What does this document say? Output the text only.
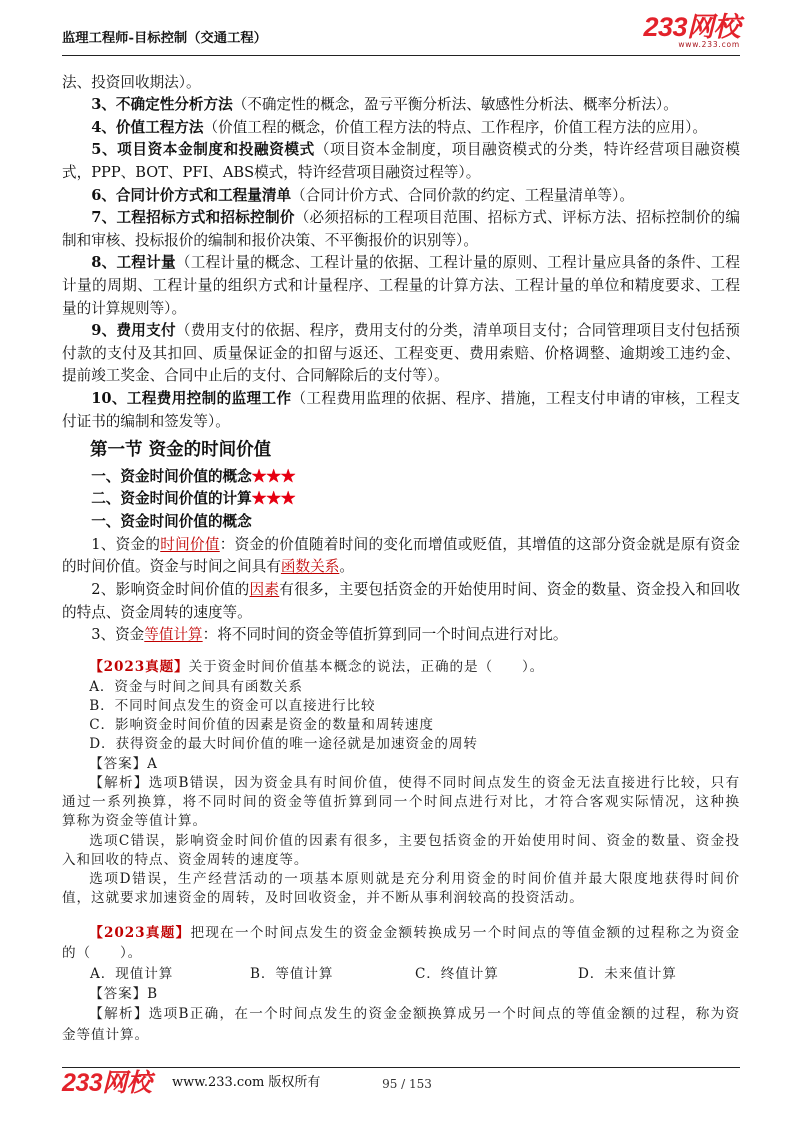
监理工程师-目标控制（交通工程）	233网校
www.233.com
法、投资回收期法）。
3、不确定性分析方法（不确定性的概念，盈亏平衡分析法、敏感性分析法、概率分析法）。
4、价值工程方法（价值工程的概念，价值工程方法的特点、工作程序，价值工程方法的应用）。
5、项目资本金制度和投融资模式（项目资本金制度，项目融资模式的分类，特许经营项目融资模
式，PPP、BOT、PFI、ABS模式，特许经营项目融资过程等）。
6、合同计价方式和工程量清单（合同计价方式、合同价款的约定、工程量清单等）。
7、工程招标方式和招标控制价（必须招标的工程项目范围、招标方式、评标方法、招标控制价的编
制和审核、投标报价的编制和报价决策、不平衡报价的识别等）。
8、工程计量（工程计量的概念、工程计量的依据、工程计量的原则、工程计量应具备的条件、工程
计量的周期、工程计量的组织方式和计量程序、工程量的计算方法、工程计量的单位和精度要求、工程
量的计算规则等）。
9、费用支付（费用支付的依据、程序，费用支付的分类，清单项目支付；合同管理项目支付包括预
付款的支付及其扣回、质量保证金的扣留与返还、工程变更、费用索赔、价格调整、逾期竣工违约金、
提前竣工奖金、合同中止后的支付、合同解除后的支付等）。
10、工程费用控制的监理工作（工程费用监理的依据、程序、措施，工程支付申请的审核，工程支
付证书的编制和签发等）。
第一节 资金的时间价值
一、资金时间价值的概念★★★
二、资金时间价值的计算★★★
一、资金时间价值的概念
1、资金的时间价值：资金的价值随着时间的变化而增值或贬值，其增值的这部分资金就是原有资金
的时间价值。资金与时间之间具有函数关系。
2、影响资金时间价值的因素有很多，主要包括资金的开始使用时间、资金的数量、资金投入和回收
的特点、资金周转的速度等。
3、资金等值计算：将不同时间的资金等值折算到同一个时间点进行对比。
【2023真题】关于资金时间价值基本概念的说法，正确的是（　　）。
A．资金与时间之间具有函数关系
B．不同时间点发生的资金可以直接进行比较
C．影响资金时间价值的因素是资金的数量和周转速度
D．获得资金的最大时间价值的唯一途径就是加速资金的周转
【答案】A
【解析】选项B错误，因为资金具有时间价值，使得不同时间点发生的资金无法直接进行比较，只有
通过一系列换算，将不同时间的资金等值折算到同一个时间点进行对比，才符合客观实际情况，这种换
算称为资金等值计算。
选项C错误，影响资金时间价值的因素有很多，主要包括资金的开始使用时间、资金的数量、资金投
入和回收的特点、资金周转的速度等。
选项D错误，生产经营活动的一项基本原则就是充分利用资金的时间价值并最大限度地获得时间价
值，这就要求加速资金的周转，及时回收资金，并不断从事利润较高的投资活动。
【2023真题】把现在一个时间点发生的资金金额转换成另一个时间点的等值金额的过程称之为资金
的（　　）。
A．现值计算	B．等值计算	C．终值计算	D．未来值计算
【答案】B
【解析】选项B正确，在一个时间点发生的资金金额换算成另一个时间点的等值金额的过程，称为资
金等值计算。
233网校 www.233.com 版权所有	95 / 153
